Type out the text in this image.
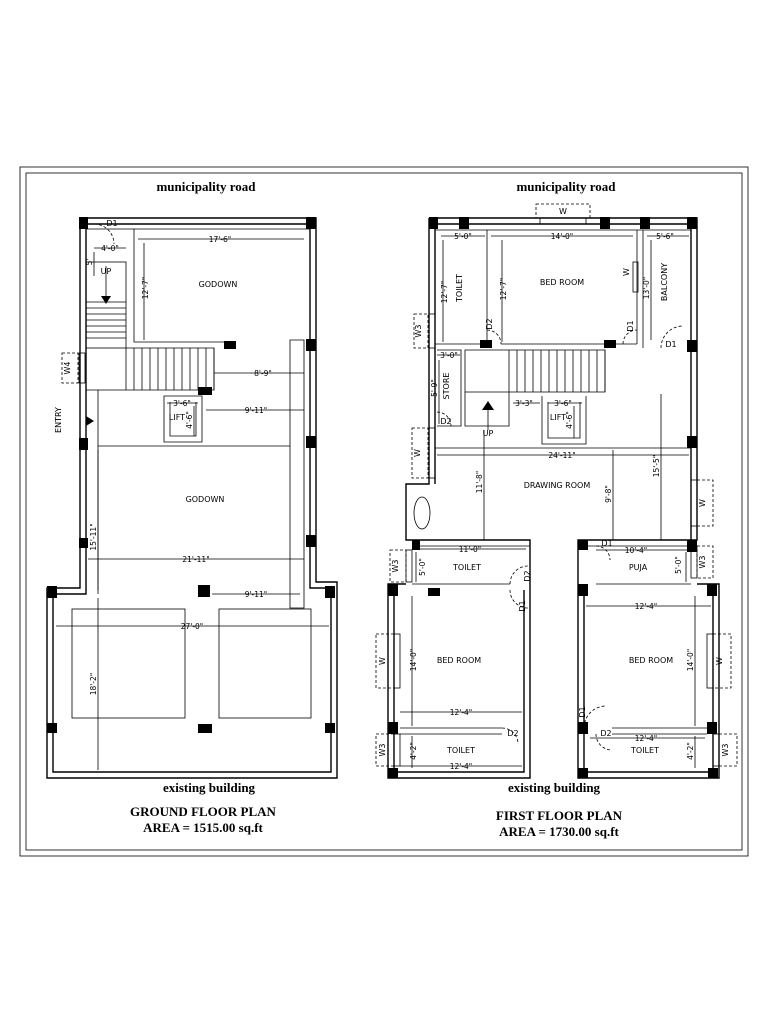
municipality road
UP
GODOWN
LIFT
ENTRY
W4
D1
GODOWN
4'-0"
5'
17'-6"
12'-7"
8'-9"
3'-6"
4'-6"
9'-11"
15'-11"
21'-11"
9'-11"
27'-0"
18'-2"
existing building
GROUND FLOOR PLAN
AREA = 1515.00 sq.ft
municipality road
W
TOILET	BED ROOM	BALCONY
W
UP
STORE
LIFT
DRAWING ROOM
TOILET	PUJA
BED ROOM	BED ROOM
TOILET	TOILET
D2	D1
D1
D2
D2
D1
D1
D1
D2	D2
W3
W
W
W3	W3
W	W
W3	W3
5'-0"	14'-0"	5'-6"
12'-7"	12'-7"	13'-0"
3'-0"
5'-9"
3'-3"	3'-6"
4'-6"
24'-11"
11'-8"
9'-8"
15'-5"
11'-0"
5'-0"
10'-4"
5'-0"
12'-4"
14'-0"
12'-4"
14'-0"
4'-2"
12'-4"
12'-4"
4'-2"
existing building
FIRST FLOOR PLAN
AREA = 1730.00 sq.ft
